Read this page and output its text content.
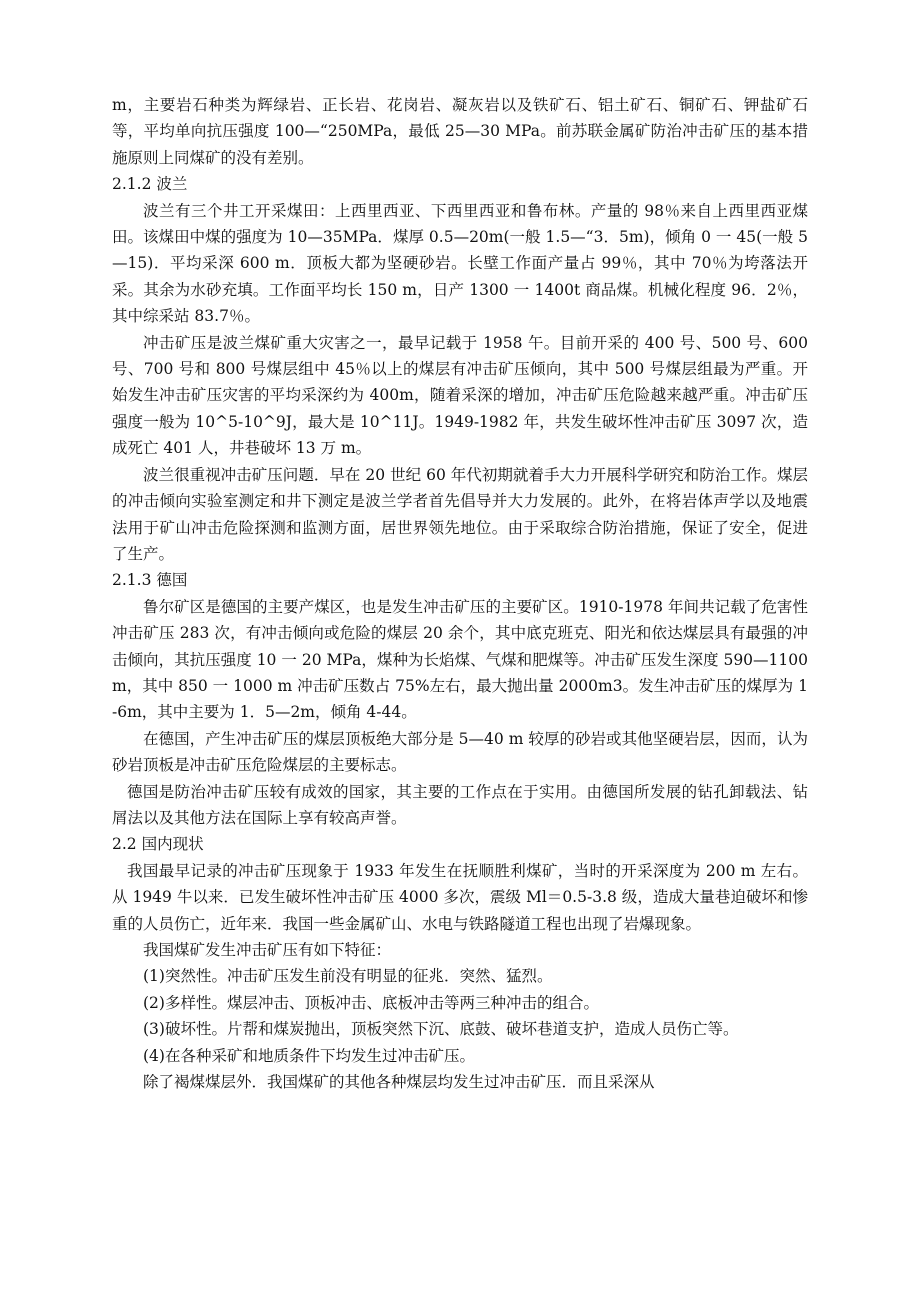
m，主要岩石种类为辉绿岩、正长岩、花岗岩、凝灰岩以及铁矿石、铝土矿石、铜矿石、钾盐矿石等，平均单向抗压强度 100—“250MPa，最低 25—30 MPa。前苏联金属矿防治冲击矿压的基本措施原则上同煤矿的没有差别。

2.1.2 波兰

波兰有三个井工开采煤田：上西里西亚、下西里西亚和鲁布林。产量的 98％来自上西里西亚煤田。该煤田中煤的强度为 10—35MPa．煤厚 0.5—20m(一般 1.5—“3．5m)，倾角 0 一 45(一般 5—15)．平均采深 600 m．顶板大都为坚硬砂岩。长壁工作面产量占 99％，其中 70％为垮落法开采。其余为水砂充填。工作面平均长 150 m，日产 1300 一 1400t 商品煤。机械化程度 96．2％，其中综采站 83.7％。

冲击矿压是波兰煤矿重大灾害之一，最早记载于 1958 午。目前开采的 400 号、500 号、600 号、700 号和 800 号煤层组中 45％以上的煤层有冲击矿压倾向，其中 500 号煤层组最为严重。开始发生冲击矿压灾害的平均采深约为 400m，随着采深的增加，冲击矿压危险越来越严重。冲击矿压强度一般为 10^5-10^9J，最大是 10^11J。1949-1982 年，共发生破坏性冲击矿压 3097 次，造成死亡 401 人，井巷破坏 13 万 m。

波兰很重视冲击矿压问题．早在 20 世纪 60 年代初期就着手大力开展科学研究和防治工作。煤层的冲击倾向实验室测定和井下测定是波兰学者首先倡导并大力发展的。此外，在将岩体声学以及地震法用于矿山冲击危险探测和监测方面，居世界领先地位。由于采取综合防治措施，保证了安全，促进了生产。

2.1.3 德国

鲁尔矿区是德国的主要产煤区，也是发生冲击矿压的主要矿区。1910-1978 年间共记载了危害性冲击矿压 283 次，有冲击倾向或危险的煤层 20 余个，其中底克班克、阳光和依达煤层具有最强的冲击倾向，其抗压强度 10 一 20 MPa，煤种为长焰煤、气煤和肥煤等。冲击矿压发生深度 590—1100 m，其中 850 一 1000 m 冲击矿压数占 75%左右，最大抛出量 2000m3。发生冲击矿压的煤厚为 1-6m，其中主要为 1．5—2m，倾角 4-44。

在德国，产生冲击矿压的煤层顶板绝大部分是 5—40 m 较厚的砂岩或其他坚硬岩层，因而，认为砂岩顶板是冲击矿压危险煤层的主要标志。

德国是防治冲击矿压较有成效的国家，其主要的工作点在于实用。由德国所发展的钻孔卸载法、钻屑法以及其他方法在国际上享有较高声誉。

2.2 国内现状

我国最早记录的冲击矿压现象于 1933 年发生在抚顺胜利煤矿，当时的开采深度为 200 m 左右。从 1949 牛以来．已发生破坏性冲击矿压 4000 多次，震级 Ml＝0.5-3.8 级，造成大量巷迫破坏和惨重的人员伤亡，近年来．我国一些金属矿山、水电与铁路隧道工程也出现了岩爆现象。

我国煤矿发生冲击矿压有如下特征：

(1)突然性。冲击矿压发生前没有明显的征兆．突然、猛烈。

(2)多样性。煤层冲击、顶板冲击、底板冲击等两三种冲击的组合。

(3)破坏性。片帮和煤炭抛出，顶板突然下沉、底鼓、破坏巷道支护，造成人员伤亡等。

(4)在各种采矿和地质条件下均发生过冲击矿压。

除了褐煤煤层外．我国煤矿的其他各种煤层均发生过冲击矿压．而且采深从
